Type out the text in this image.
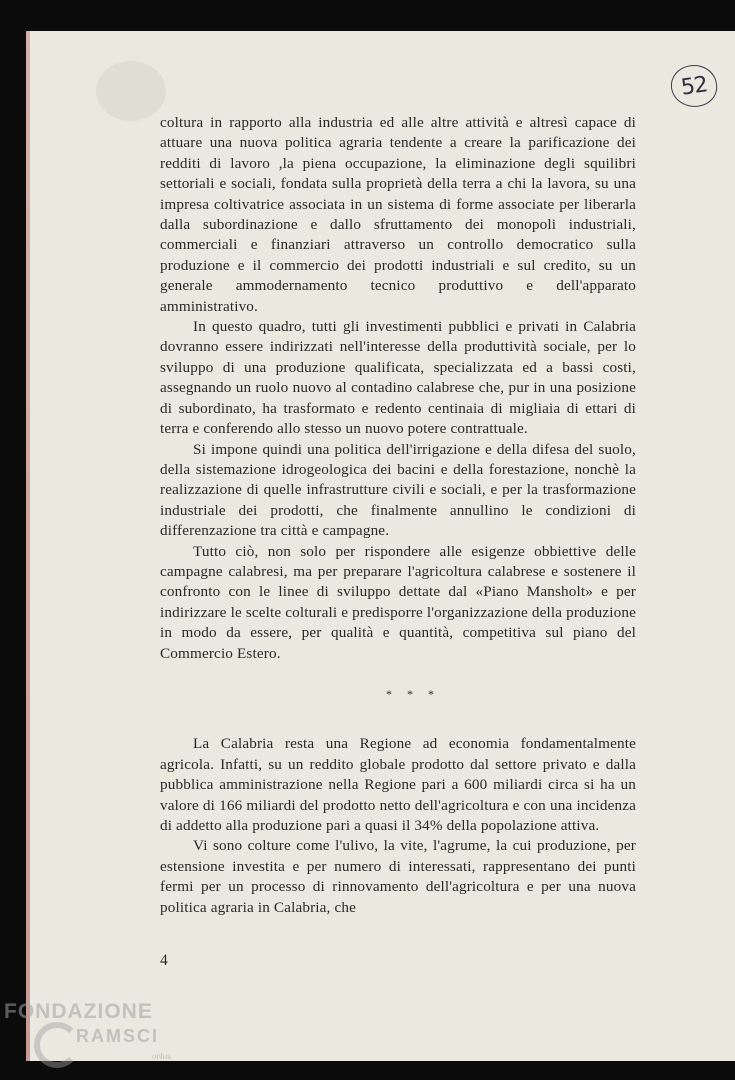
52

coltura in rapporto alla industria ed alle altre attività e altresì capace di attuare una nuova politica agraria tendente a creare la parificazione dei redditi di lavoro ,la piena occupazione, la eliminazione degli squilibri settoriali e sociali, fondata sulla proprietà della terra a chi la lavora, su una impresa coltivatrice associata in un sistema di forme associate per liberarla dalla subordinazione e dallo sfruttamento dei monopoli industriali, commerciali e finanziari attraverso un controllo democratico sulla produzione e il commercio dei prodotti industriali e sul credito, su un generale ammodernamento tecnico produttivo e dell'apparato amministrativo.

In questo quadro, tutti gli investimenti pubblici e privati in Calabria dovranno essere indirizzati nell'interesse della produttività sociale, per lo sviluppo di una produzione qualificata, specializzata ed a bassi costi, assegnando un ruolo nuovo al contadino calabrese che, pur in una posizione di subordinato, ha trasformato e redento centinaia di migliaia di ettari di terra e conferendo allo stesso un nuovo potere contrattuale.

Si impone quindi una politica dell'irrigazione e della difesa del suolo, della sistemazione idrogeologica dei bacini e della forestazione, nonchè la realizzazione di quelle infrastrutture civili e sociali, e per la trasformazione industriale dei prodotti, che finalmente annullino le condizioni di differenzazione tra città e campagne.

Tutto ciò, non solo per rispondere alle esigenze obbiettive delle campagne calabresi, ma per preparare l'agricoltura calabrese e sostenere il confronto con le linee di sviluppo dettate dal «Piano Mansholt» e per indirizzare le scelte colturali e predisporre l'organizzazione della produzione in modo da essere, per qualità e quantità, competitiva sul piano del Commercio Estero.

* * *

La Calabria resta una Regione ad economia fondamentalmente agricola. Infatti, su un reddito globale prodotto dal settore privato e dalla pubblica amministrazione nella Regione pari a 600 miliardi circa si ha un valore di 166 miliardi del prodotto netto dell'agricoltura e con una incidenza di addetto alla produzione pari a quasi il 34% della popolazione attiva.

Vi sono colture come l'ulivo, la vite, l'agrume, la cui produzione, per estensione investita e per numero di interessati, rappresentano dei punti fermi per un processo di rinnovamento dell'agricoltura e per una nuova politica agraria in Calabria, che

4
FONDAZIONE
RAMSCI
onlus
